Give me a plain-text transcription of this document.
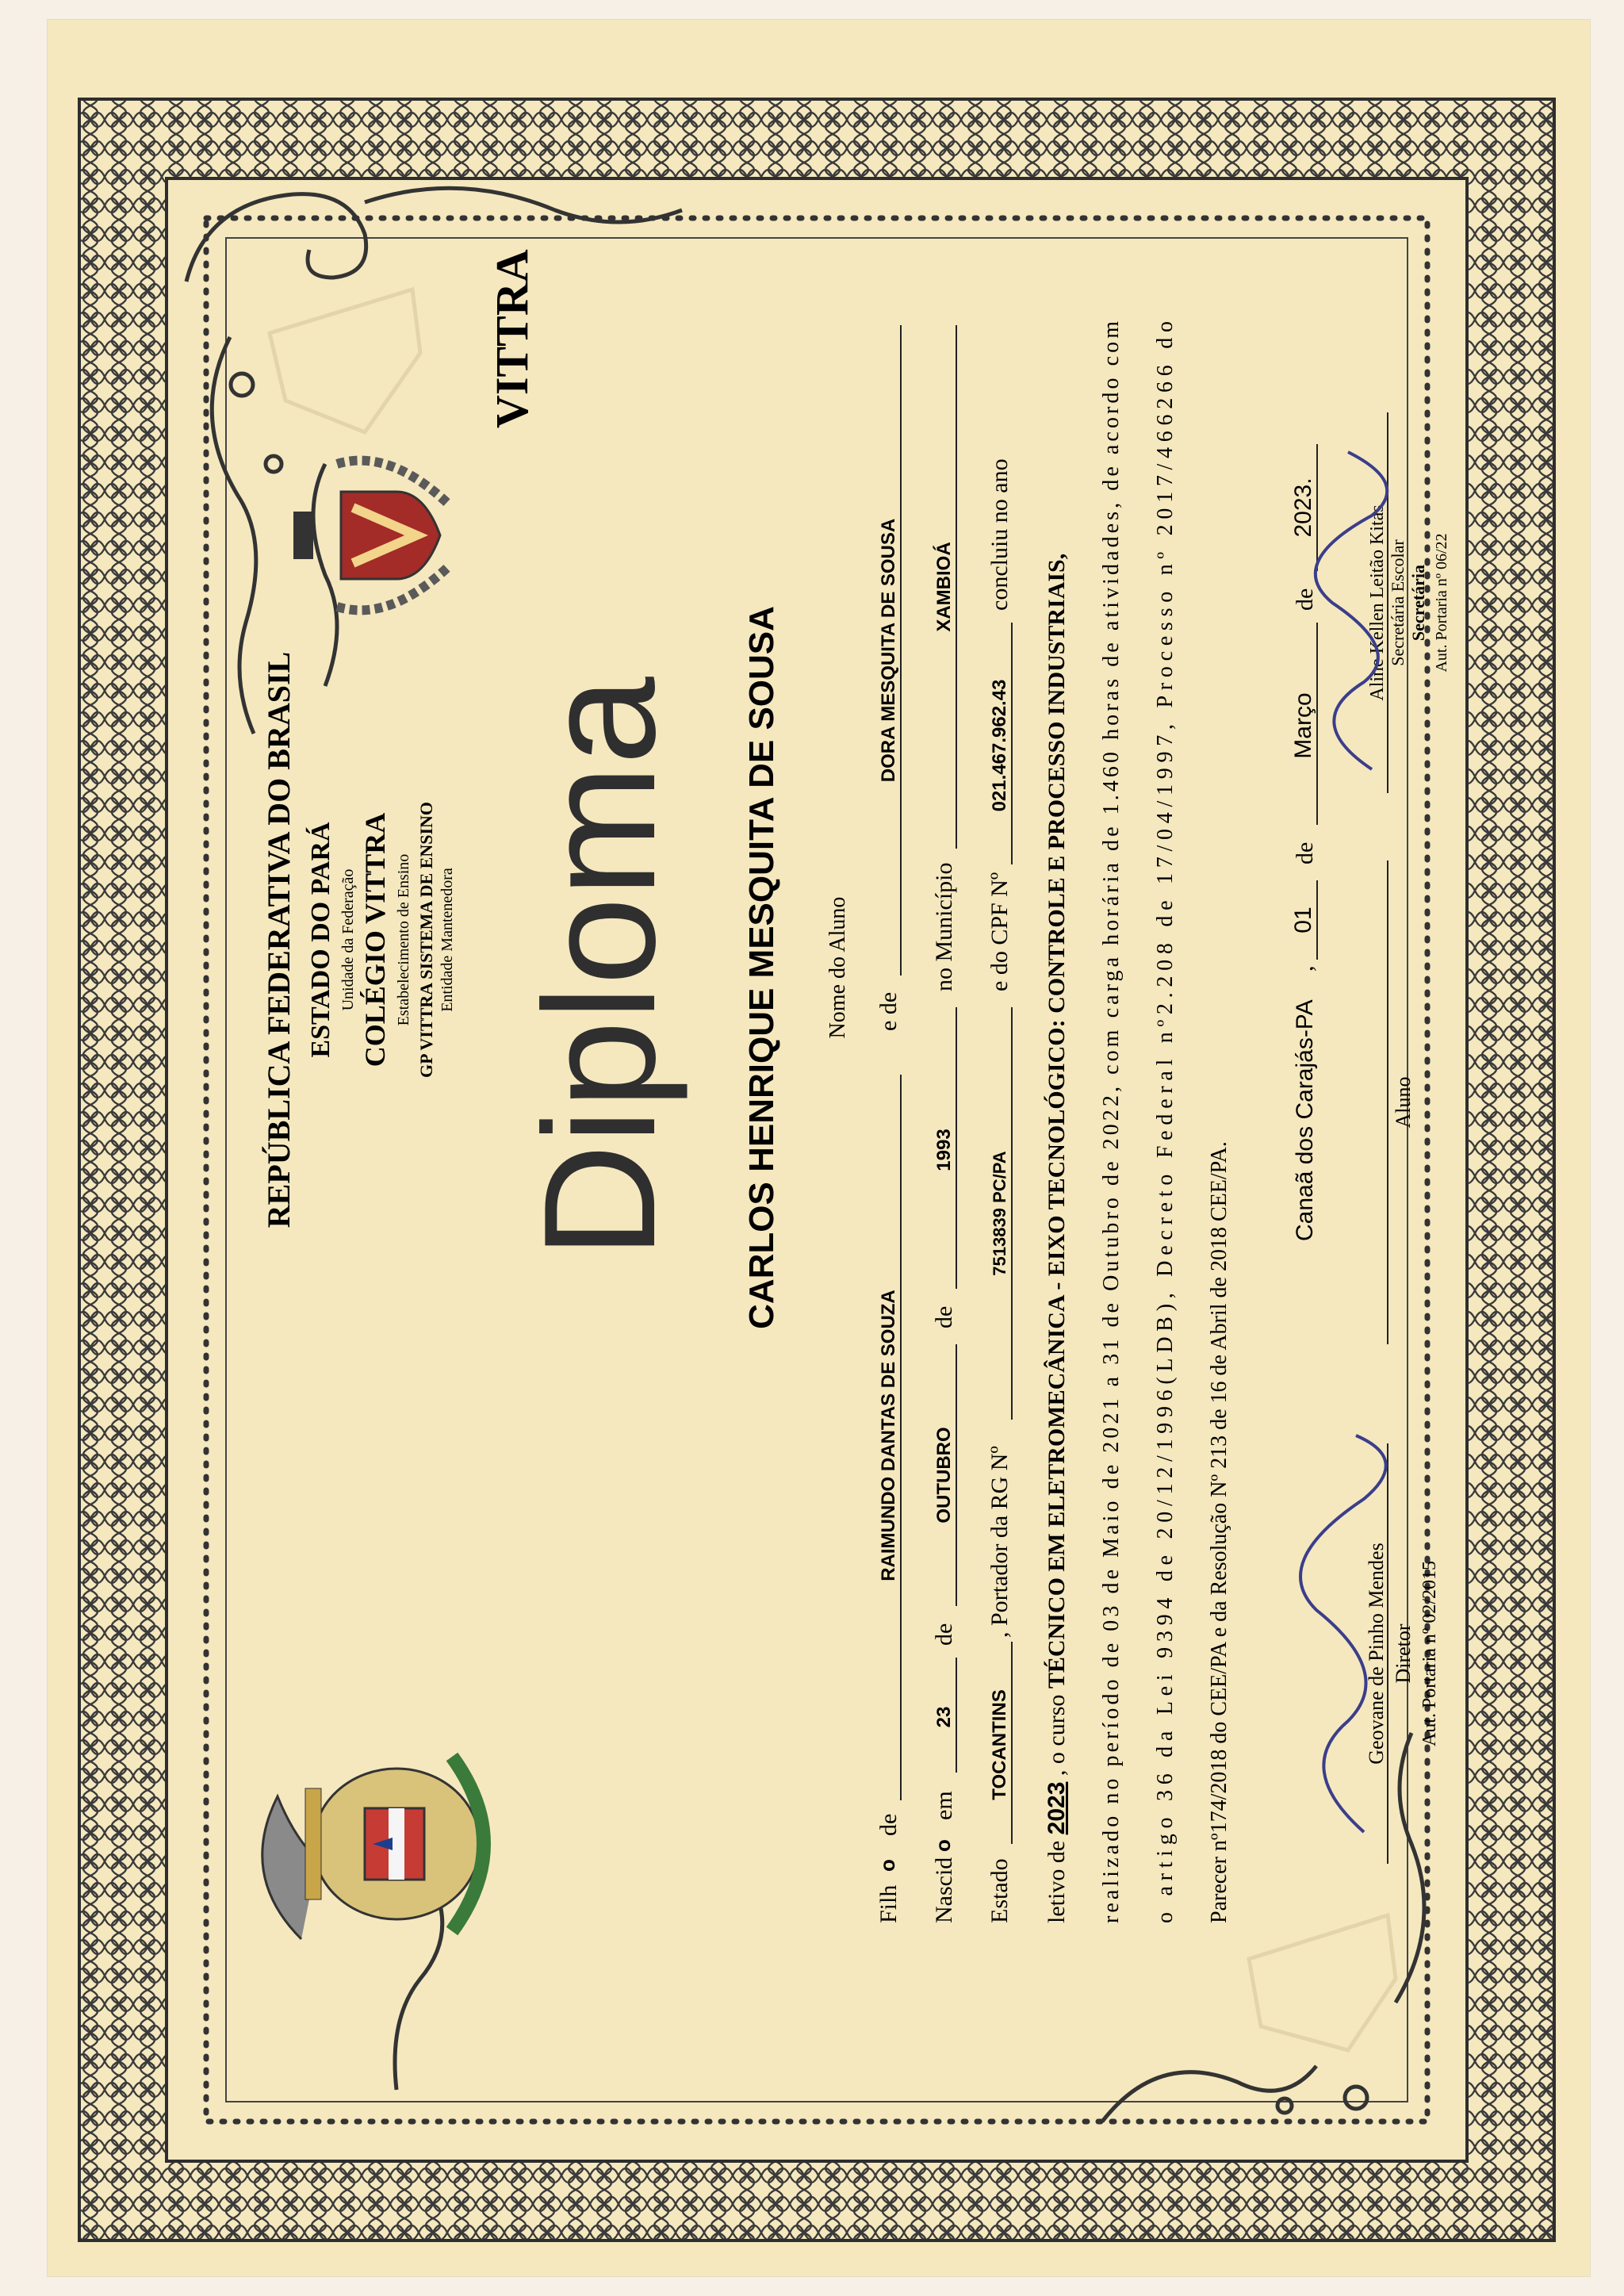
REPÚBLICA FEDERATIVA DO BRASIL ESTADO DO PARÁ Unidade da Federação COLÉGIO VITTRA Estabelecimento de Ensino GP VITTRA SISTEMA DE ENSINO Entidade Mantenedora
VITTRA
Diploma CARLOS HENRIQUE MESQUITA DE SOUSA Nome do Aluno
Filh
o
de
RAIMUNDO DANTAS DE SOUZA
e de
DORA MESQUITA DE SOUSA
Nascid
o
em
23
de
OUTUBRO
de
1993
no Município
XAMBIOÁ
Estado
TOCANTINS
, Portador da RG Nº
7513839 PC/PA
e do CPF Nº
021.467.962.43
concluiu no ano
letivo de 2023 , o curso TÉCNICO EM ELETROMECÂNICA - EIXO TECNOLÓGICO: CONTROLE E PROCESSO INDUSTRIAIS,
realizado no período de 03 de Maio de 2021 a 31 de Outubro de 2022, com carga horária de 1.460 horas de atividades, de acordo com
o artigo 36 da Lei 9394 de 20/12/1996(LDB), Decreto Federal nº2.208 de 17/04/1997, Processo nº 2017/466266 do
Parecer nº174/2018 do CEE/PA e da Resolução Nº 213 de 16 de Abril de 2018 CEE/PA.
Canaã dos Carajás-PA
,
01
de
Março
de
2023.
Geovane de Pinho Mendes Diretor Aut. Portaria nº 02/2015
Aluno
Aline Kellen Leitão Kitas Secretária Escolar Secretária Aut. Portaria nº 06/22
